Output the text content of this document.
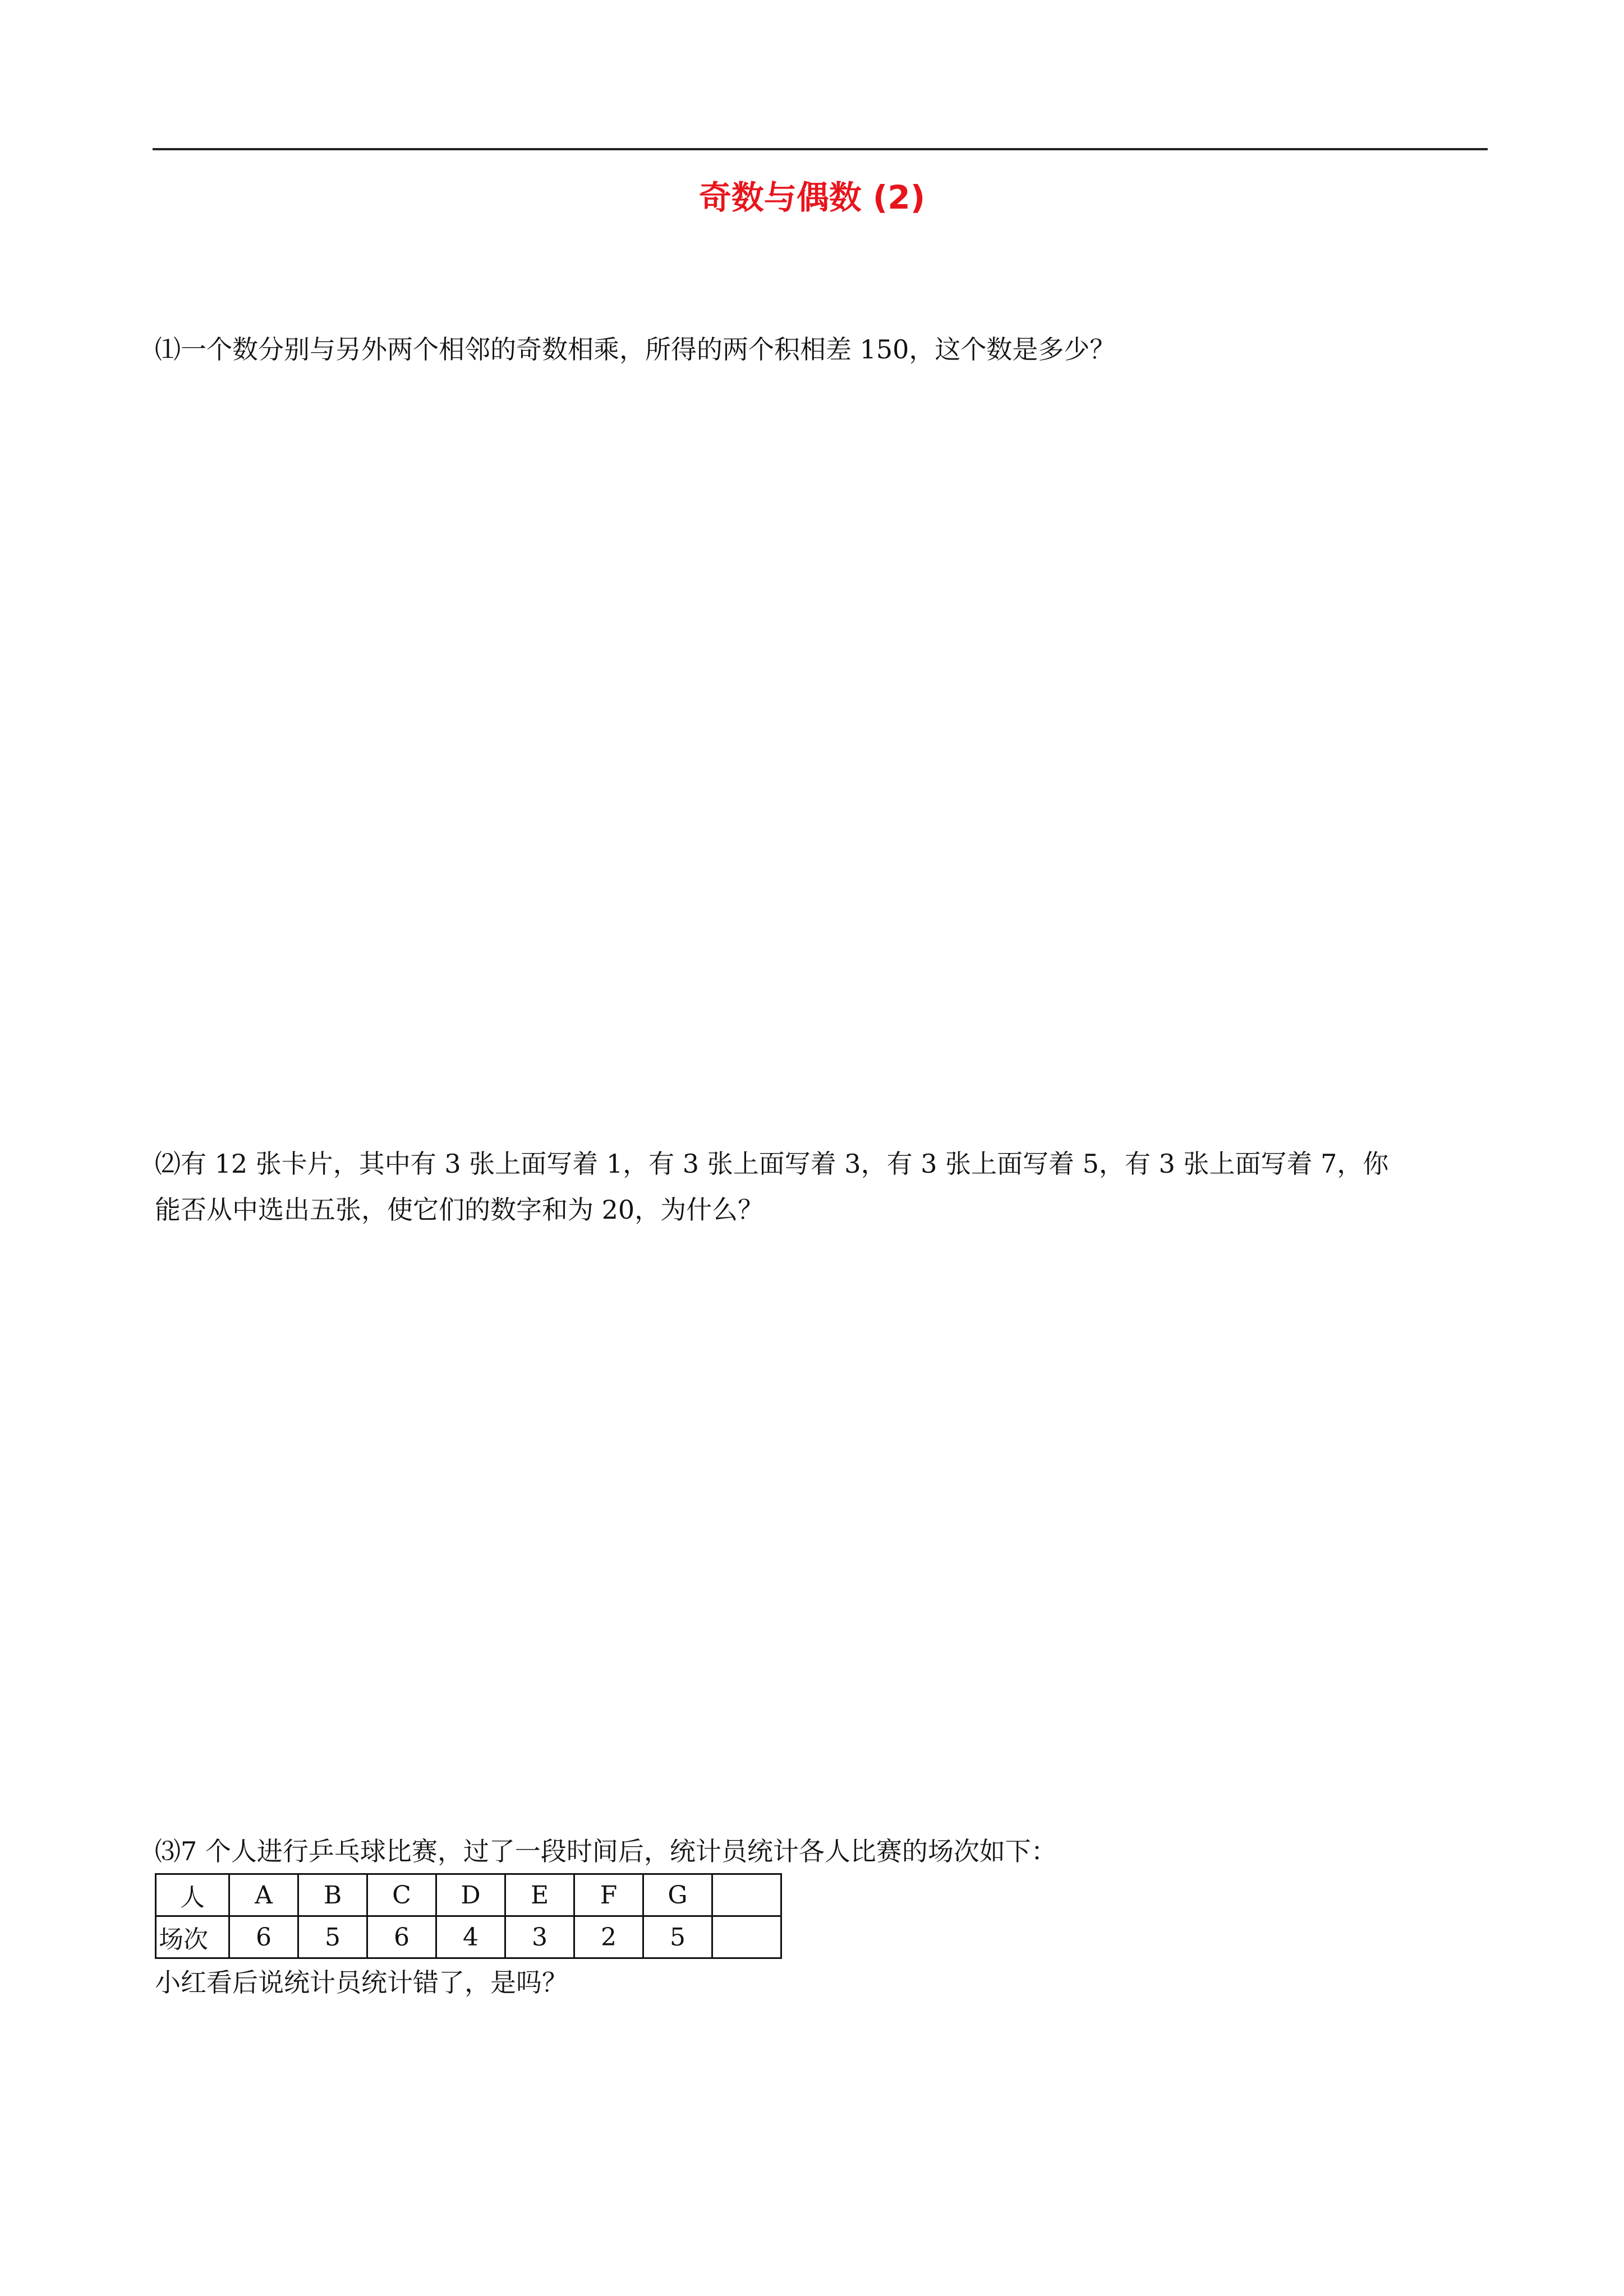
奇数与偶数 (2)
⑴一个数分别与另外两个相邻的奇数相乘，所得的两个积相差 150，这个数是多少？
⑵有 12 张卡片，其中有 3 张上面写着 1，有 3 张上面写着 3，有 3 张上面写着 5，有 3 张上面写着 7，你
能否从中选出五张，使它们的数字和为 20，为什么？
⑶7 个人进行乒乓球比赛，过了一段时间后，统计员统计各人比赛的场次如下：
人	A	B	C	D	E	F	G	
场次	6	5	6	4	3	2	5	
小红看后说统计员统计错了，是吗？
